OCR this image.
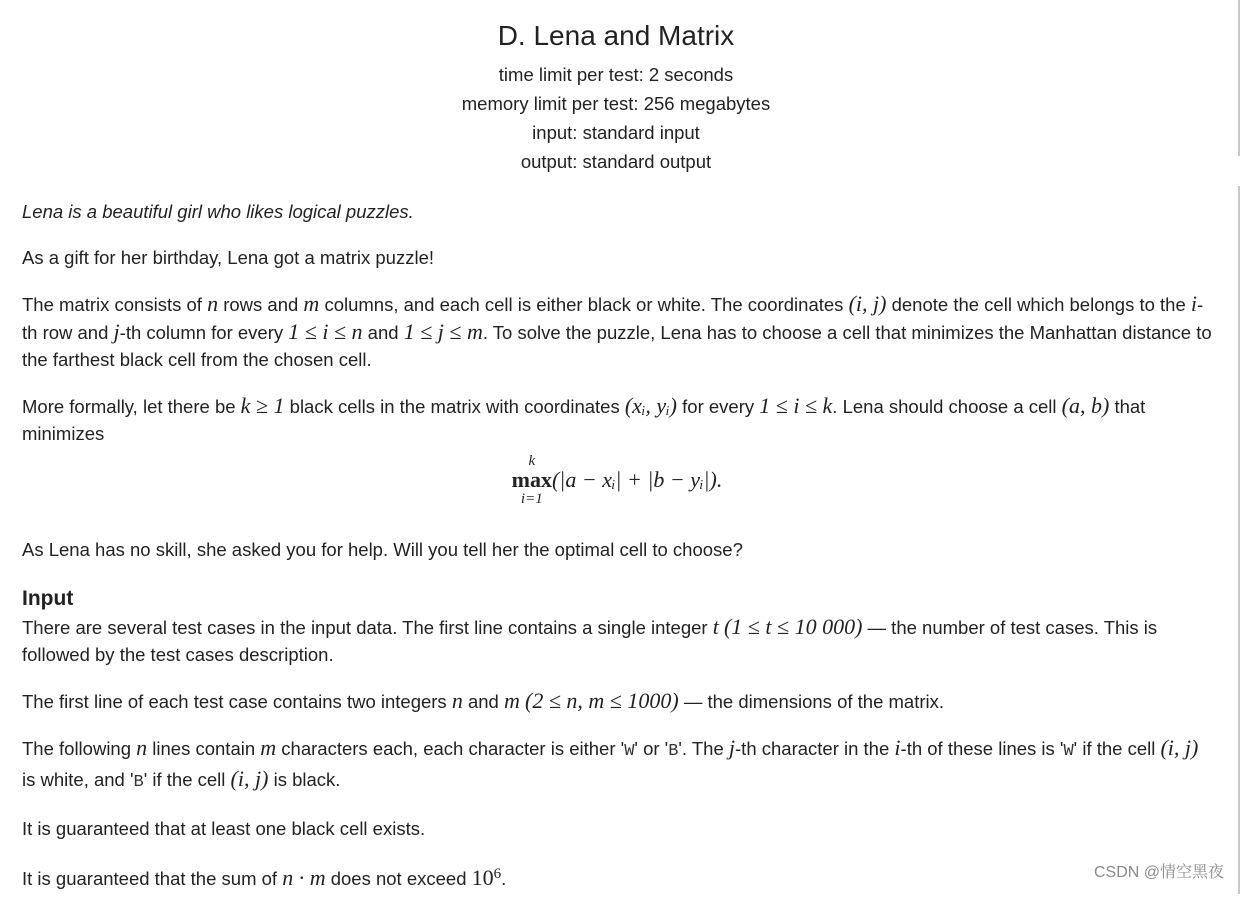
D. Lena and Matrix
time limit per test: 2 seconds
memory limit per test: 256 megabytes
input: standard input
output: standard output

Lena is a beautiful girl who likes logical puzzles.

As a gift for her birthday, Lena got a matrix puzzle!

The matrix consists of n rows and m columns, and each cell is either black or white. The coordinates (i, j) denote the cell which belongs to the i-th row and j-th column for every 1 ≤ i ≤ n and 1 ≤ j ≤ m. To solve the puzzle, Lena has to choose a cell that minimizes the Manhattan distance to the farthest black cell from the chosen cell.

More formally, let there be k ≥ 1 black cells in the matrix with coordinates (xᵢ, yᵢ) for every 1 ≤ i ≤ k. Lena should choose a cell (a, b) that minimizes

k
max
i=1
(|a − xᵢ| + |b − yᵢ|).

As Lena has no skill, she asked you for help. Will you tell her the optimal cell to choose?

Input

There are several test cases in the input data. The first line contains a single integer t (1 ≤ t ≤ 10 000) — the number of test cases. This is followed by the test cases description.

The first line of each test case contains two integers n and m (2 ≤ n, m ≤ 1000) — the dimensions of the matrix.

The following n lines contain m characters each, each character is either 'W' or 'B'. The j-th character in the i-th of these lines is 'W' if the cell (i, j) is white, and 'B' if the cell (i, j) is black.

It is guaranteed that at least one black cell exists.

It is guaranteed that the sum of n · m does not exceed $10^6$.	CSDN @情空黑夜
